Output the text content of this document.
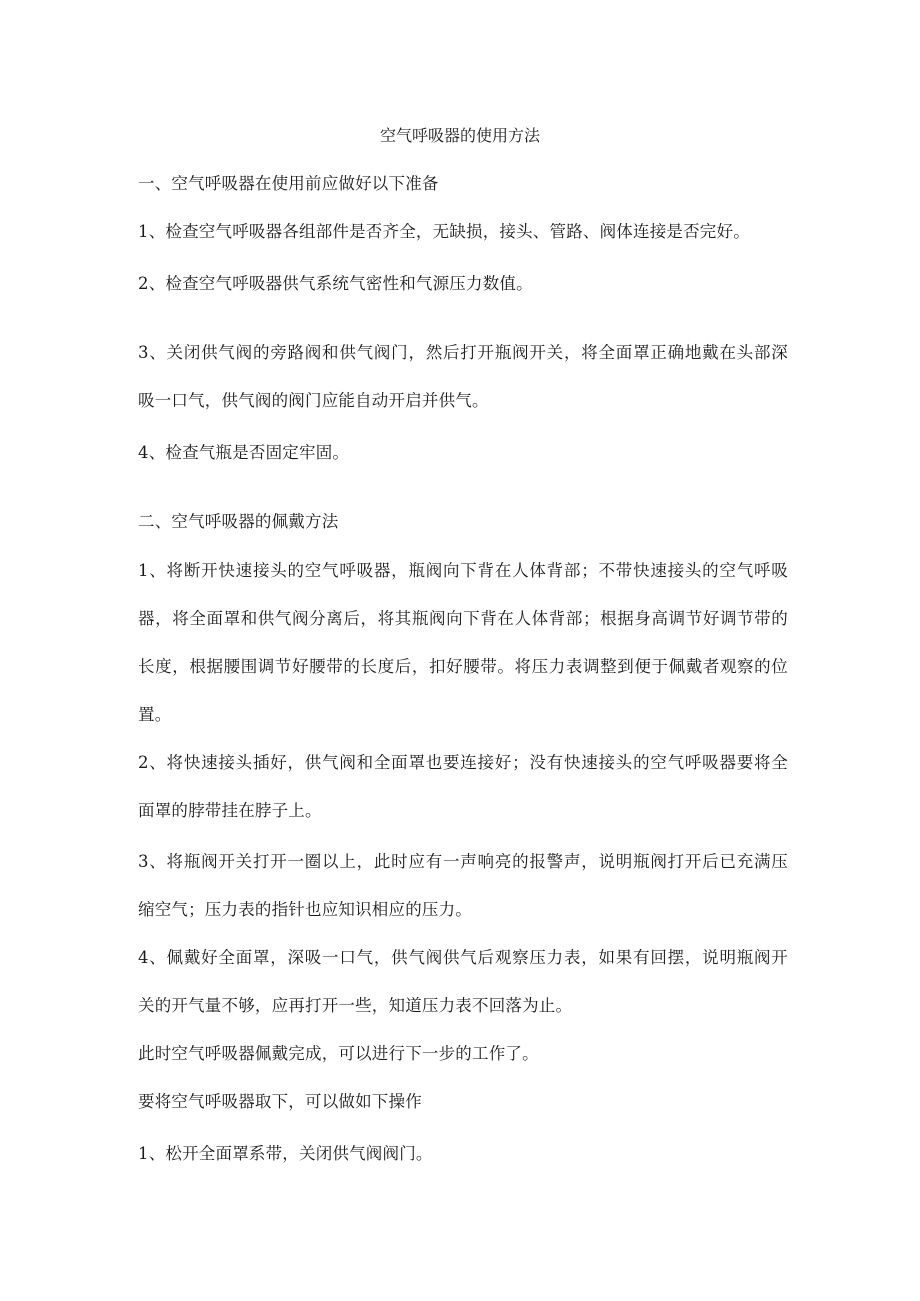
空气呼吸器的使用方法
一、空气呼吸器在使用前应做好以下准备
1、检查空气呼吸器各组部件是否齐全，无缺损，接头、管路、阀体连接是否完好。
2、检查空气呼吸器供气系统气密性和气源压力数值。
3、关闭供气阀的旁路阀和供气阀门，然后打开瓶阀开关，将全面罩正确地戴在头部深
吸一口气，供气阀的阀门应能自动开启并供气。
4、检查气瓶是否固定牢固。
二、空气呼吸器的佩戴方法
1、将断开快速接头的空气呼吸器，瓶阀向下背在人体背部；不带快速接头的空气呼吸
器，将全面罩和供气阀分离后，将其瓶阀向下背在人体背部；根据身高调节好调节带的
长度，根据腰围调节好腰带的长度后，扣好腰带。将压力表调整到便于佩戴者观察的位
置。
2、将快速接头插好，供气阀和全面罩也要连接好；没有快速接头的空气呼吸器要将全
面罩的脖带挂在脖子上。
3、将瓶阀开关打开一圈以上，此时应有一声响亮的报警声，说明瓶阀打开后已充满压
缩空气；压力表的指针也应知识相应的压力。
4、佩戴好全面罩，深吸一口气，供气阀供气后观察压力表，如果有回摆，说明瓶阀开
关的开气量不够，应再打开一些，知道压力表不回落为止。
此时空气呼吸器佩戴完成，可以进行下一步的工作了。
要将空气呼吸器取下，可以做如下操作
1、松开全面罩系带，关闭供气阀阀门。
